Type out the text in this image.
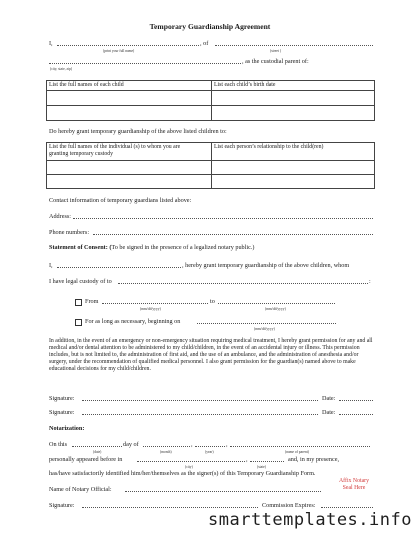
Temporary Guardianship Agreement
I,	, of
(print your full name)	(street )
, as the custodial parent of:
(city, state, zip)
List the full names of each child	List each child’s birth date

Do hereby grant temporary guardianship of the above listed children to:
List the full names of the individual (s) to whom you are
granting temporary custody	List each person’s relationship to the child(ren)

Contact information of temporary guardians listed above:
Address:
Phone numbers:
Statement of Consent: (To be signed in the presence of a legalized notary public.)
I,	, hereby grant temporary guardianship of the above children, whom
I have legal custody of to	:
From	to
(mm/dd/yyyy)	(mm/dd/yyyy)
For as long as necessary, beginning on
(mm/dd/yyyy)
In addition, in the event of an emergency or non-emergency situation requiring medical treatment, I hereby grant permission for any and all medical and/or dental attention to be administered to my child/children, in the event of an accidental injury or illness. This permission includes, but is not limited to, the administration of first aid, and the use of an ambulance, and the administration of anesthesia and/or surgery, under the recommendation of qualified medical personnel. I also grant permission for the guardian(s) named above to make educational decisions for my child/children.
Signature:	Date:
Signature:	Date:
Notarization:
On this	day of	,	,
(date)	(month)	(year)	(name of parent)
personally appeared before in	,	and, in my presence,
(city)	(state)
has/have satisfactorily identified him/her/themselves as the signer(s) of this Temporary Guardianship Form.
Affix Notary
Seal Here
Name of Notary Official:
Signature:	Commission Expires:
smarttemplates.info
